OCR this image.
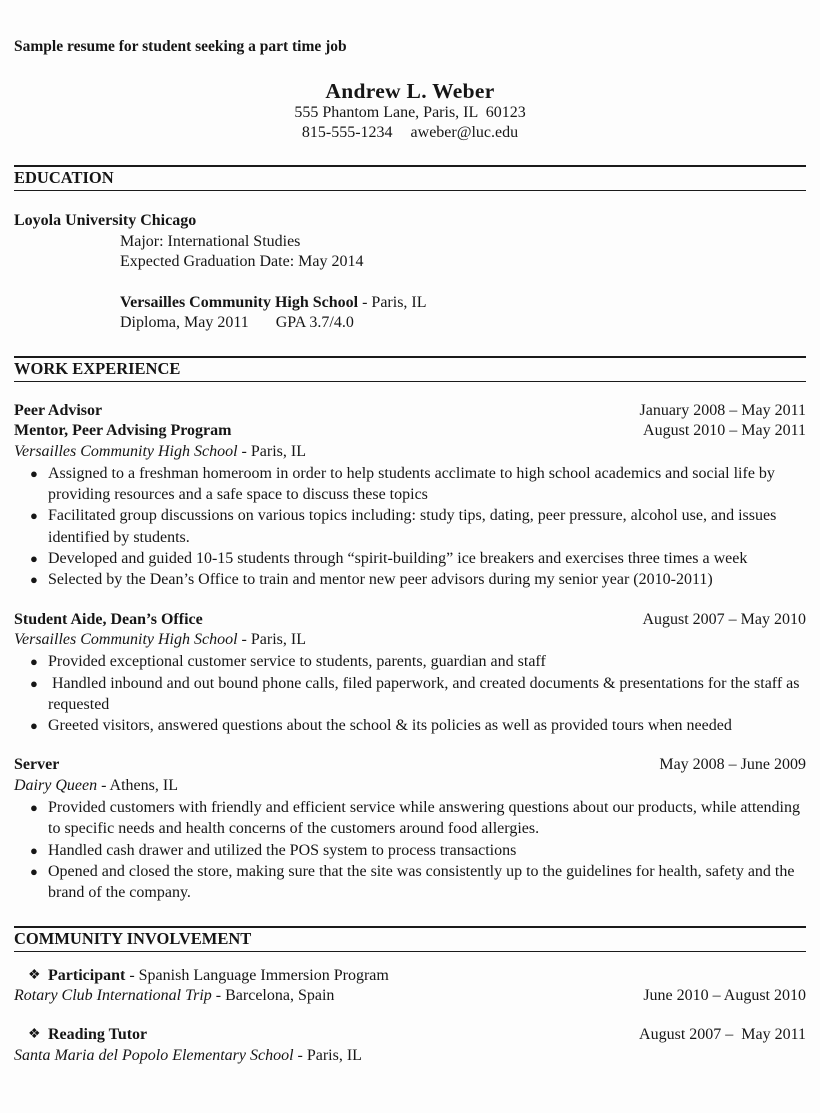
Sample resume for student seeking a part time job
Andrew L. Weber
555 Phantom Lane, Paris, IL  60123
815-555-1234 aweber@luc.edu
EDUCATION
Loyola University Chicago
Major: International Studies
Expected Graduation Date: May 2014
Versailles Community High School - Paris, IL
Diploma, May 2011 GPA 3.7/4.0
WORK EXPERIENCE
Peer Advisor	January 2008 – May 2011
Mentor, Peer Advising Program	August 2010 – May 2011
Versailles Community High School - Paris, IL
● Assigned to a freshman homeroom in order to help students acclimate to high school academics and social life by providing resources and a safe space to discuss these topics
● Facilitated group discussions on various topics including: study tips, dating, peer pressure, alcohol use, and issues identified by students.
● Developed and guided 10-15 students through “spirit-building” ice breakers and exercises three times a week
● Selected by the Dean’s Office to train and mentor new peer advisors during my senior year (2010-2011)
Student Aide, Dean’s Office	August 2007 – May 2010
Versailles Community High School - Paris, IL
● Provided exceptional customer service to students, parents, guardian and staff
● Handled inbound and out bound phone calls, filed paperwork, and created documents & presentations for the staff as requested
● Greeted visitors, answered questions about the school & its policies as well as provided tours when needed
Server	May 2008 – June 2009
Dairy Queen - Athens, IL
● Provided customers with friendly and efficient service while answering questions about our products, while attending to specific needs and health concerns of the customers around food allergies.
● Handled cash drawer and utilized the POS system to process transactions
● Opened and closed the store, making sure that the site was consistently up to the guidelines for health, safety and the brand of the company.
COMMUNITY INVOLVEMENT
❖ Participant - Spanish Language Immersion Program
Rotary Club International Trip - Barcelona, Spain	June 2010 – August 2010
❖ Reading Tutor	August 2007 –  May 2011
Santa Maria del Popolo Elementary School - Paris, IL
